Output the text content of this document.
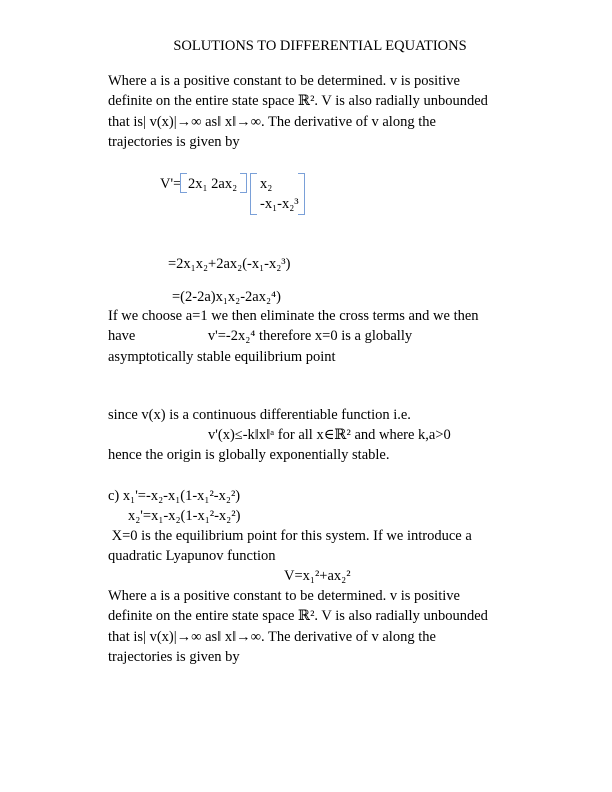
SOLUTIONS TO DIFFERENTIAL EQUATIONS

Where a is a positive constant to be determined. v is positive

definite on the entire state space ℝ². V is also radially unbounded

that is| v(x)|→∞ as‖ x‖→∞. The derivative of v along the

trajectories is given by

V'= 2x₁ 2ax₂ x₂
-x₁-x₂³
=2x₁x₂+2ax₂(-x₁-x₂³)
=(2-2a)x₁x₂-2ax₂⁴)

If we choose a=1 we then eliminate the cross terms and we then

have                    v'=-2x₂⁴ therefore x=0 is a globally

asymptotically stable equilibrium point

since v(x) is a continuous differentiable function i.e.
v'(x)≤-k‖x‖ᵃ for all x∈ℝ² and where k,a>0
hence the origin is globally exponentially stable.
c) x₁'=-x₂-x₁(1-x₁²-x₂²)
x₂'=x₁-x₂(1-x₁²-x₂²)
X=0 is the equilibrium point for this system. If we introduce a
quadratic Lyapunov function
V=x₁²+ax₂²

Where a is a positive constant to be determined. v is positive

definite on the entire state space ℝ². V is also radially unbounded

that is| v(x)|→∞ as‖ x‖→∞. The derivative of v along the

trajectories is given by
